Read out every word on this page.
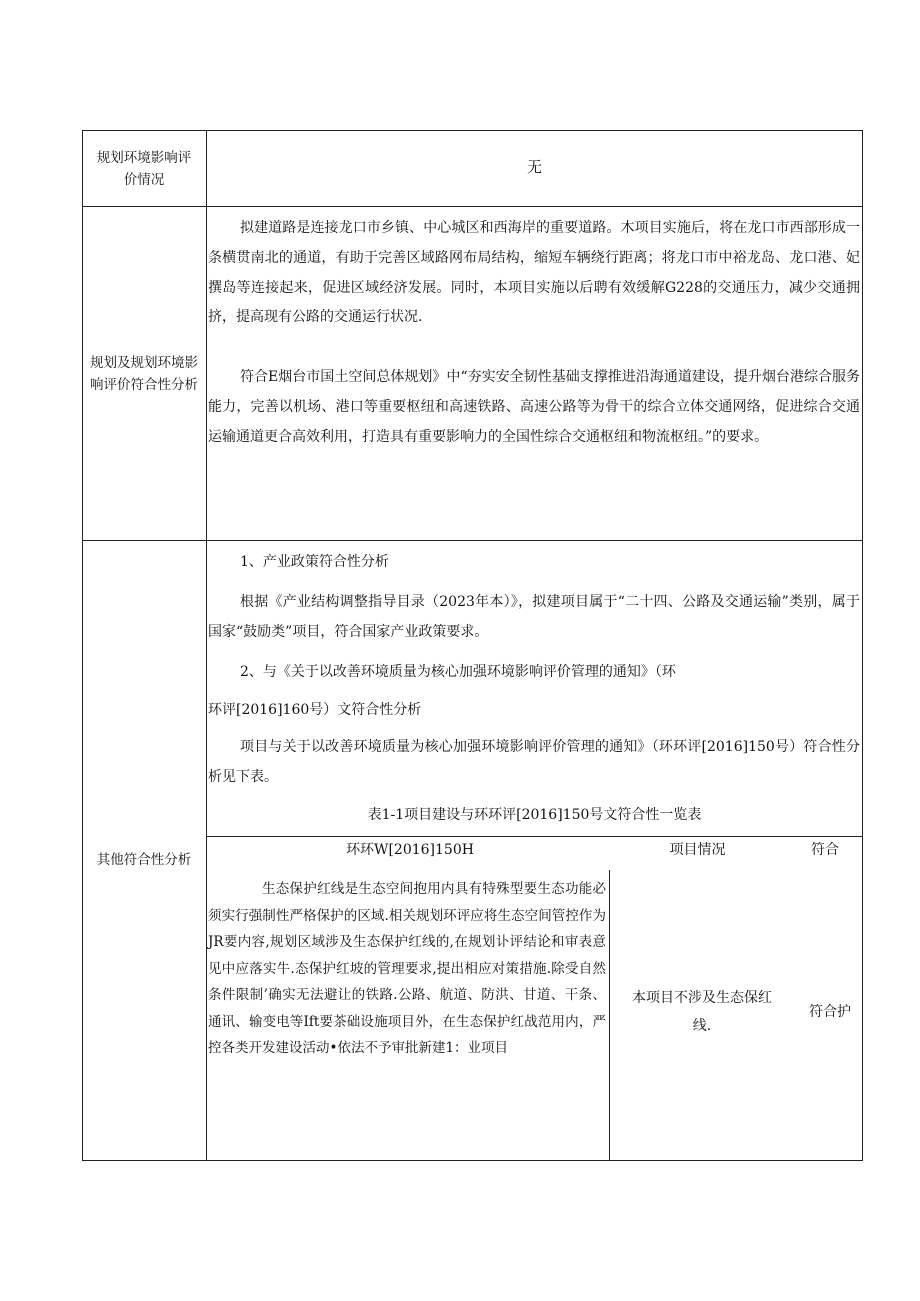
规划环境影响评价情况
无
规划及规划环境影响评价符合性分析
拟建道路是连接龙口市乡镇、中心城区和西海岸的重要道路。木项目实施后，将在龙口市西部形成一条横贯南北的通道，有助于完善区域路网布局结构，缩短车辆绕行距离；将龙口市中裕龙岛、龙口港、妃撰岛等连接起来，促进区域经济发展。同时，本项目实施以后聘有效缓解G228的交通压力，减少交通拥挤，提高现有公路的交通运行状况.
符合E烟台市国土空间总体规划》中“夯实安全韧性基础支撑推进沿海通道建设，提升烟台港综合服务能力，完善以机场、港口等重要枢纽和高速铁路、高速公路等为骨干的综合立体交通网络，促进综合交通运输通道更合高效利用，打造具有重要影响力的全国性综合交通枢纽和物流枢纽。”的要求。
其他符合性分析
1、产业政策符合性分析
根据《产业结构调整指导目录（2023年本）》，拟建项目属于“二十四、公路及交通运输”类别，属于国家“鼓励类”项目，符合国家产业政策要求。
2、与《关于以改善环境质量为核心加强环境影响评价管理的通知》（环
环评[2016]160号）文符合性分析
项目与关于以改善环境质量为核心加强环境影响评价管理的通知》（环环评[2016]150号）符合性分析见下表。
表1-1项目建设与环环评[2016]150号文符合性一览表
环环W[2016]150H	项目情况	符合
生态保护红线是生态空间抱用内具有特殊型要生态功能必须实行强制性严格保护的区域.相关规划环评应将生态空间管控作为JR要内容,规划区域涉及生态保护红线的,在规划讣评结论和审表意见中应落实牛.态保护红坡的管理要求,提出相应对策措施.除受自然条件限制’确实无法避让的铁路.公路、航道、防洪、甘道、干条、通讯、输变电等Ift要茶础设施项目外，在生态保护红战范用内，严控各类开发建设活动•依法不予审批新建1：业项目
本项目不涉及生态保红线.
符合护
